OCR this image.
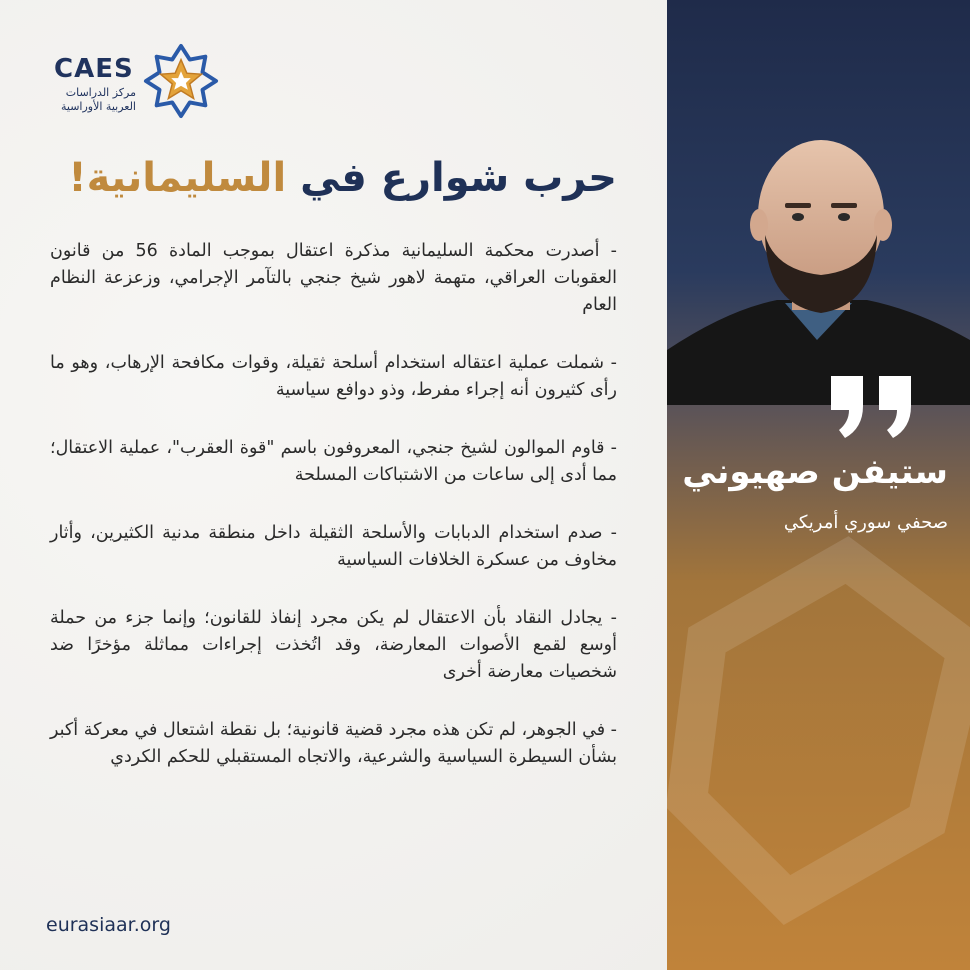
CAES
مركز الدراسات
العربية الأوراسية
حرب شوارع في السليمانية!

- أصدرت محكمة السليمانية مذكرة اعتقال بموجب المادة 56 من قانون العقوبات العراقي، متهمة لاهور شيخ جنجي بالتآمر الإجرامي، وزعزعة النظام العام

- شملت عملية اعتقاله استخدام أسلحة ثقيلة، وقوات مكافحة الإرهاب، وهو ما رأى كثيرون أنه إجراء مفرط، وذو دوافع سياسية

- قاوم الموالون لشيخ جنجي، المعروفون باسم "قوة العقرب"، عملية الاعتقال؛ مما أدى إلى ساعات من الاشتباكات المسلحة

- صدم استخدام الدبابات والأسلحة الثقيلة داخل منطقة مدنية الكثيرين، وأثار مخاوف من عسكرة الخلافات السياسية

- يجادل النقاد بأن الاعتقال لم يكن مجرد إنفاذ للقانون؛ وإنما جزء من حملة أوسع لقمع الأصوات المعارضة، وقد اتُخذت إجراءات مماثلة مؤخرًا ضد شخصيات معارضة أخرى

- في الجوهر، لم تكن هذه مجرد قضية قانونية؛ بل نقطة اشتعال في معركة أكبر بشأن السيطرة السياسية والشرعية، والاتجاه المستقبلي للحكم الكردي

eurasiaar.org
ستيفن صهيوني
صحفي سوري أمريكي
